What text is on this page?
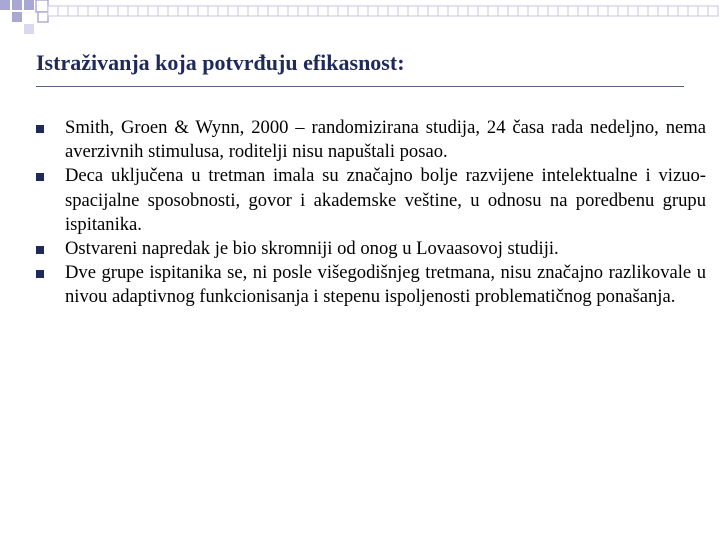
Istraživanja koja potvrđuju efikasnost:
Smith, Groen & Wynn, 2000 – randomizirana studija, 24 časa rada nedeljno, nema averzivnih stimulusa, roditelji nisu napuštali posao.
Deca uključena u tretman imala su značajno bolje razvijene intelektualne i vizuo-spacijalne sposobnosti, govor i akademske veštine, u odnosu na poredbenu grupu ispitanika.
Ostvareni napredak je bio skromniji od onog u Lovaasovoj studiji.
Dve grupe ispitanika se, ni posle višegodišnjeg tretmana, nisu značajno razlikovale u nivou adaptivnog funkcionisanja i stepenu ispoljenosti problematičnog ponašanja.
